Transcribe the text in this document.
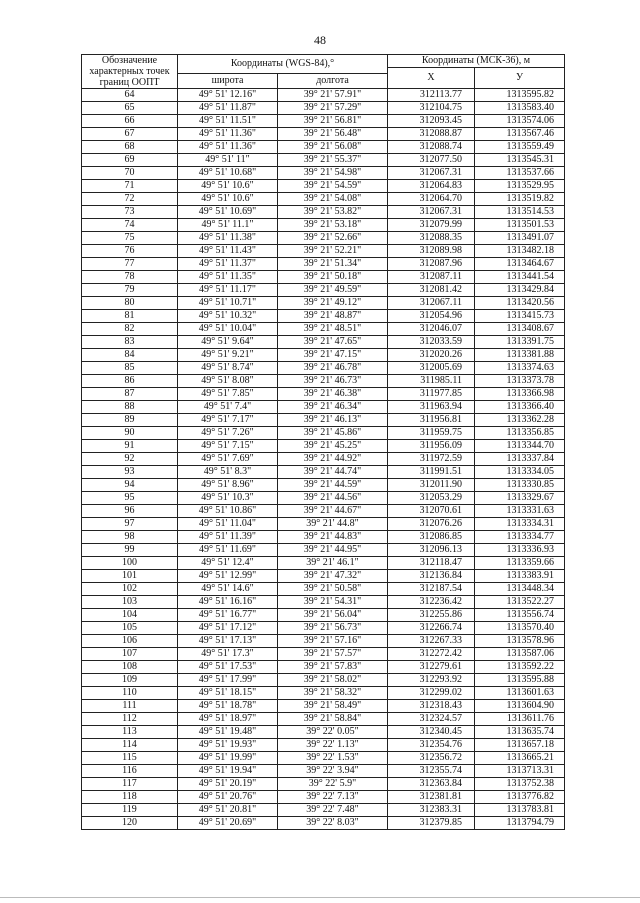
48
Обозначение характерных точек границ ООПТ	Координаты (WGS-84),°		Координаты (МСК-36), м	
			X	У
	широта	долгота		
64	49° 51' 12.16"	39° 21' 57.91"	312113.77	1313595.82
65	49° 51' 11.87"	39° 21' 57.29"	312104.75	1313583.40
66	49° 51' 11.51"	39° 21' 56.81"	312093.45	1313574.06
67	49° 51' 11.36"	39° 21' 56.48"	312088.87	1313567.46
68	49° 51' 11.36"	39° 21' 56.08"	312088.74	1313559.49
69	49° 51' 11"	39° 21' 55.37"	312077.50	1313545.31
70	49° 51' 10.68"	39° 21' 54.98"	312067.31	1313537.66
71	49° 51' 10.6"	39° 21' 54.59"	312064.83	1313529.95
72	49° 51' 10.6"	39° 21' 54.08"	312064.70	1313519.82
73	49° 51' 10.69"	39° 21' 53.82"	312067.31	1313514.53
74	49° 51' 11.1"	39° 21' 53.18"	312079.99	1313501.53
75	49° 51' 11.38"	39° 21' 52.66"	312088.35	1313491.07
76	49° 51' 11.43"	39° 21' 52.21"	312089.98	1313482.18
77	49° 51' 11.37"	39° 21' 51.34"	312087.96	1313464.67
78	49° 51' 11.35"	39° 21' 50.18"	312087.11	1313441.54
79	49° 51' 11.17"	39° 21' 49.59"	312081.42	1313429.84
80	49° 51' 10.71"	39° 21' 49.12"	312067.11	1313420.56
81	49° 51' 10.32"	39° 21' 48.87"	312054.96	1313415.73
82	49° 51' 10.04"	39° 21' 48.51"	312046.07	1313408.67
83	49° 51' 9.64"	39° 21' 47.65"	312033.59	1313391.75
84	49° 51' 9.21"	39° 21' 47.15"	312020.26	1313381.88
85	49° 51' 8.74"	39° 21' 46.78"	312005.69	1313374.63
86	49° 51' 8.08"	39° 21' 46.73"	311985.11	1313373.78
87	49° 51' 7.85"	39° 21' 46.38"	311977.85	1313366.98
88	49° 51' 7.4"	39° 21' 46.34"	311963.94	1313366.40
89	49° 51' 7.17"	39° 21' 46.13"	311956.81	1313362.28
90	49° 51' 7.26"	39° 21' 45.86"	311959.75	1313356.85
91	49° 51' 7.15"	39° 21' 45.25"	311956.09	1313344.70
92	49° 51' 7.69"	39° 21' 44.92"	311972.59	1313337.84
93	49° 51' 8.3"	39° 21' 44.74"	311991.51	1313334.05
94	49° 51' 8.96"	39° 21' 44.59"	312011.90	1313330.85
95	49° 51' 10.3"	39° 21' 44.56"	312053.29	1313329.67
96	49° 51' 10.86"	39° 21' 44.67"	312070.61	1313331.63
97	49° 51' 11.04"	39° 21' 44.8"	312076.26	1313334.31
98	49° 51' 11.39"	39° 21' 44.83"	312086.85	1313334.77
99	49° 51' 11.69"	39° 21' 44.95"	312096.13	1313336.93
100	49° 51' 12.4"	39° 21' 46.1"	312118.47	1313359.66
101	49° 51' 12.99"	39° 21' 47.32"	312136.84	1313383.91
102	49° 51' 14.6"	39° 21' 50.58"	312187.54	1313448.34
103	49° 51' 16.16"	39° 21' 54.31"	312236.42	1313522.27
104	49° 51' 16.77"	39° 21' 56.04"	312255.86	1313556.74
105	49° 51' 17.12"	39° 21' 56.73"	312266.74	1313570.40
106	49° 51' 17.13"	39° 21' 57.16"	312267.33	1313578.96
107	49° 51' 17.3"	39° 21' 57.57"	312272.42	1313587.06
108	49° 51' 17.53"	39° 21' 57.83"	312279.61	1313592.22
109	49° 51' 17.99"	39° 21' 58.02"	312293.92	1313595.88
110	49° 51' 18.15"	39° 21' 58.32"	312299.02	1313601.63
111	49° 51' 18.78"	39° 21' 58.49"	312318.43	1313604.90
112	49° 51' 18.97"	39° 21' 58.84"	312324.57	1313611.76
113	49° 51' 19.48"	39° 22' 0.05"	312340.45	1313635.74
114	49° 51' 19.93"	39° 22' 1.13"	312354.76	1313657.18
115	49° 51' 19.99"	39° 22' 1.53"	312356.72	1313665.21
116	49° 51' 19.94"	39° 22' 3.94"	312355.74	1313713.31
117	49° 51' 20.19"	39° 22' 5.9"	312363.84	1313752.38
118	49° 51' 20.76"	39° 22' 7.13"	312381.81	1313776.82
119	49° 51' 20.81"	39° 22' 7.48"	312383.31	1313783.81
120	49° 51' 20.69"	39° 22' 8.03"	312379.85	1313794.79
